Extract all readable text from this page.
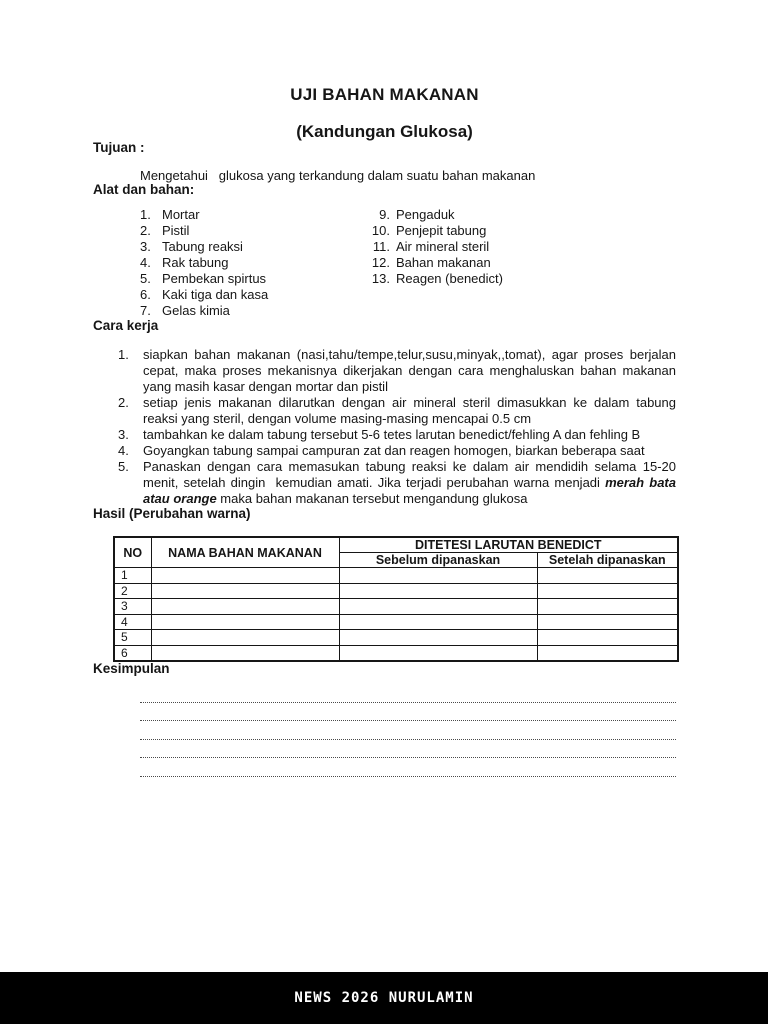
UJI BAHAN MAKANAN
(Kandungan Glukosa)
Tujuan :

Mengetahui   glukosa yang terkandung dalam suatu bahan makanan

Alat dan bahan:
1. Mortar
2. Pistil
3. Tabung reaksi
4. Rak tabung
5. Pembekan spirtus
6. Kaki tiga dan kasa
7. Gelas kimia
9. Pengaduk
10. Penjepit tabung
11. Air mineral steril
12. Bahan makanan
13. Reagen (benedict)
Cara kerja
1.	siapkan bahan makanan (nasi,tahu/tempe,telur,susu,minyak,,tomat), agar proses berjalan cepat, maka proses mekanisnya dikerjakan dengan cara menghaluskan bahan makanan yang masih kasar dengan mortar dan pistil
2.	setiap jenis makanan dilarutkan dengan air mineral steril dimasukkan ke dalam tabung  reaksi yang steril, dengan volume masing-masing mencapai 0.5 cm
3.	tambahkan ke dalam tabung tersebut 5-6 tetes larutan benedict/fehling A dan fehling B
4.	Goyangkan tabung sampai campuran zat dan reagen homogen, biarkan beberapa saat
5.	Panaskan dengan cara memasukan tabung reaksi ke dalam air mendidih selama 15-20 menit, setelah dingin  kemudian amati. Jika terjadi perubahan warna menjadi merah bata atau orange maka bahan makanan tersebut mengandung glukosa
Hasil (Perubahan warna)
NO	NAMA BAHAN MAKANAN	DITETESI LARUTAN BENEDICT	
		Sebelum dipanaskan	Setelah dipanaskan
1			
2			
3			
4			
5			
6			
Kesimpulan
NEWS 2026 NURULAMIN
